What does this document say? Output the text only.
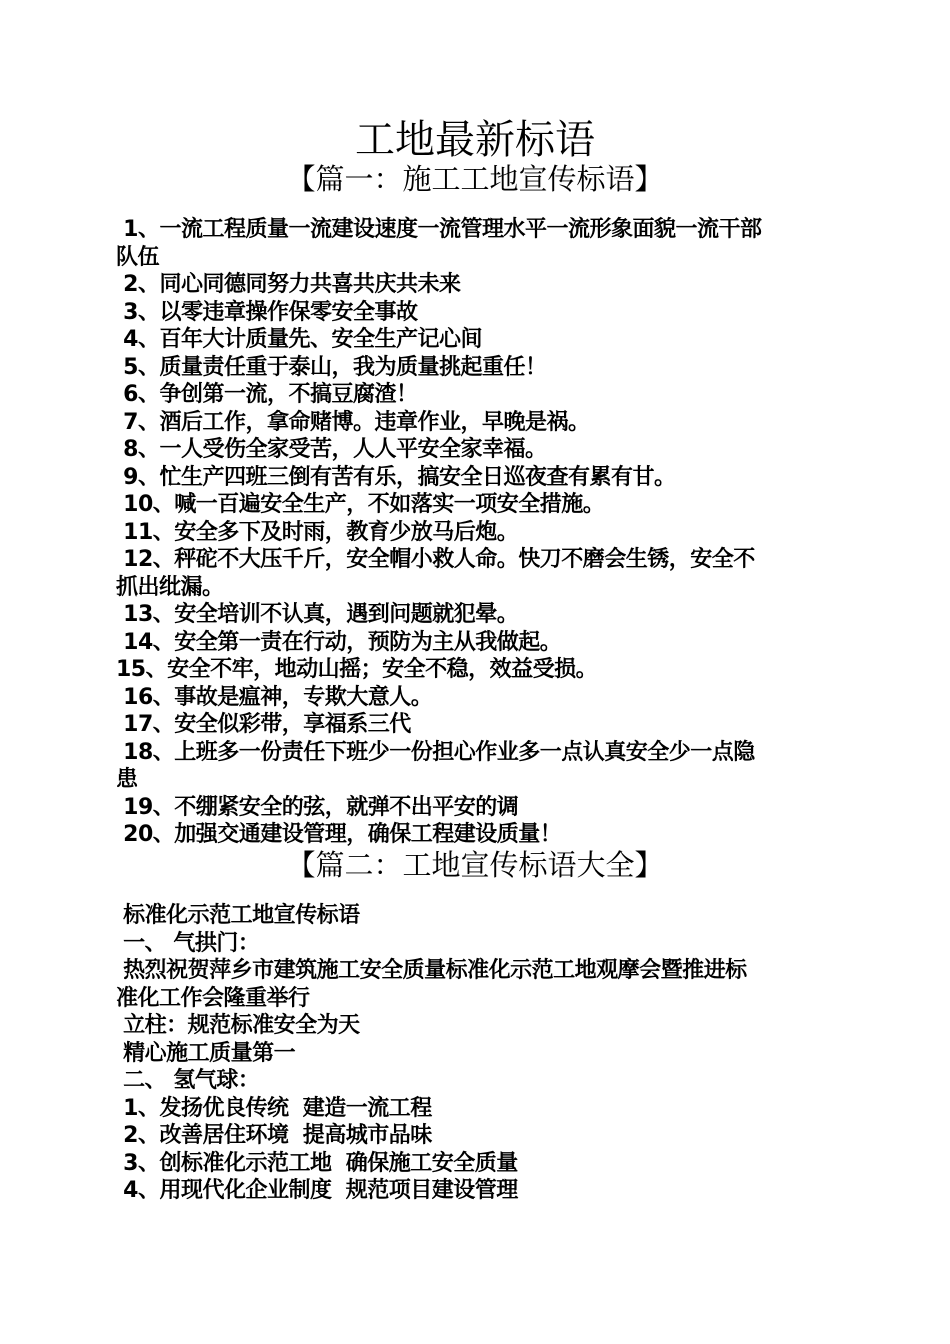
工地最新标语
【篇一：施工工地宣传标语】
1、一流工程质量一流建设速度一流管理水平一流形象面貌一流干部
队伍
2、同心同德同努力共喜共庆共未来
3、以零违章操作保零安全事故
4、百年大计质量先、安全生产记心间
5、质量责任重于泰山，我为质量挑起重任！
6、争创第一流，不搞豆腐渣！
7、酒后工作，拿命赌博。违章作业，早晚是祸。
8、一人受伤全家受苦，人人平安全家幸福。
9、忙生产四班三倒有苦有乐，搞安全日巡夜查有累有甘。
10、喊一百遍安全生产，不如落实一项安全措施。
11、安全多下及时雨，教育少放马后炮。
12、秤砣不大压千斤，安全帽小救人命。快刀不磨会生锈，安全不
抓出纰漏。
13、安全培训不认真，遇到问题就犯晕。
14、安全第一责在行动，预防为主从我做起。
15、安全不牢，地动山摇；安全不稳，效益受损。
16、事故是瘟神，专欺大意人。
17、安全似彩带，享福系三代
18、上班多一份责任下班少一份担心作业多一点认真安全少一点隐
患
19、不绷紧安全的弦，就弹不出平安的调
20、加强交通建设管理，确保工程建设质量！
【篇二：工地宣传标语大全】
标准化示范工地宣传标语
一、 气拱门：
热烈祝贺萍乡市建筑施工安全质量标准化示范工地观摩会暨推进标
准化工作会隆重举行
立柱：规范标准安全为天
精心施工质量第一
二、 氢气球：
1、发扬优良传统  建造一流工程
2、改善居住环境  提高城市品味
3、创标准化示范工地  确保施工安全质量
4、用现代化企业制度  规范项目建设管理
